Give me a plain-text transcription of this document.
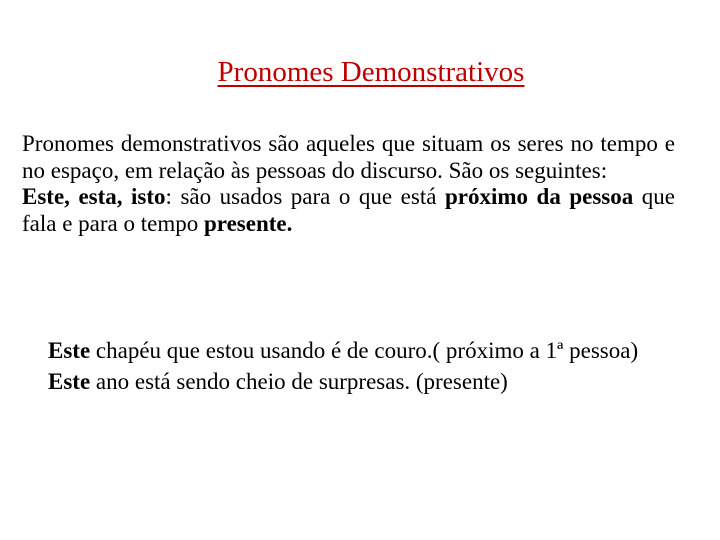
Pronomes Demonstrativos

Pronomes demonstrativos são aqueles que situam os seres no tempo e no espaço, em relação às pessoas do discurso. São os seguintes:

Este, esta, isto: são usados para o que está próximo da pessoa que fala e para o tempo presente.

Este chapéu que estou usando é de couro.( próximo a 1ª pessoa)

Este ano está sendo cheio de surpresas. (presente)
